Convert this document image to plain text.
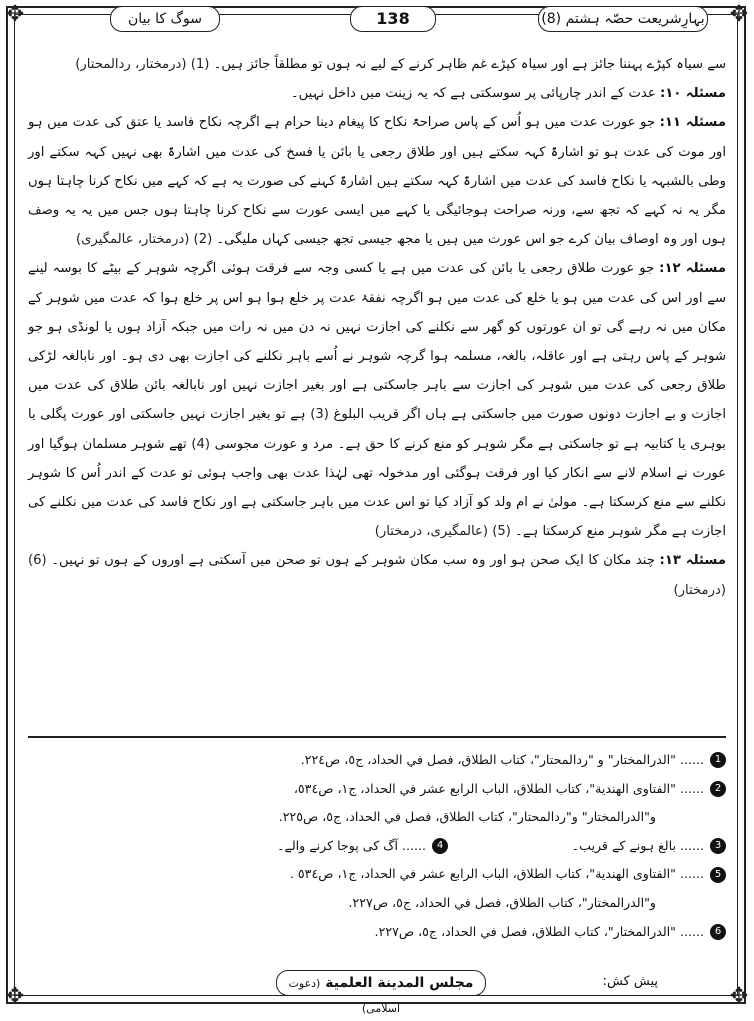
✥	✥
✥	✥
سوگ کا بیان	138	بہارِشریعت حصّہ ہشتم (8)

سے سیاہ کپڑے پہننا جائز ہے اور سیاہ کپڑے غم ظاہر کرنے کے لیے نہ ہوں تو مطلقاً جائز ہیں۔ (1) (درمختار، ردالمحتار)

مسئلہ ۱۰: عدت کے اندر چارپائی پر سوسکتی ہے کہ یہ زینت میں داخل نہیں۔

مسئلہ ۱۱: جو عورت عدت میں ہو اُس کے پاس صراحۃً نکاح کا پیغام دینا حرام ہے اگرچہ نکاح فاسد یا عتق کی عدت میں ہو اور موت کی عدت ہو تو اشارۃً کہہ سکتے ہیں اور طلاق رجعی یا بائن یا فسخ کی عدت میں اشارۃً بھی نہیں کہہ سکتے اور وطی بالشبہہ یا نکاح فاسد کی عدت میں اشارۃً کہہ سکتے ہیں اشارۃً کہنے کی صورت یہ ہے کہ کہے میں نکاح کرنا چاہتا ہوں مگر یہ نہ کہے کہ تجھ سے، ورنہ صراحت ہوجائیگی یا کہے میں ایسی عورت سے نکاح کرنا چاہتا ہوں جس میں یہ یہ وصف ہوں اور وہ اوصاف بیان کرے جو اس عورت میں ہیں یا مجھ جیسی تجھ جیسی کہاں ملیگی۔ (2) (درمختار، عالمگیری)

مسئلہ ۱۲: جو عورت طلاق رجعی یا بائن کی عدت میں ہے یا کسی وجہ سے فرقت ہوئی اگرچہ شوہر کے بیٹے کا بوسہ لینے سے اور اس کی عدت میں ہو یا خلع کی عدت میں ہو اگرچہ نفقۂ عدت پر خلع ہوا ہو اس پر خلع ہوا کہ عدت میں شوہر کے مکان میں نہ رہے گی تو ان عورتوں کو گھر سے نکلنے کی اجازت نہیں نہ دن میں نہ رات میں جبکہ آزاد ہوں یا لونڈی ہو جو شوہر کے پاس رہتی ہے اور عاقلہ، بالغہ، مسلمہ ہوا گرچہ شوہر نے اُسے باہر نکلنے کی اجازت بھی دی ہو۔ اور نابالغہ لڑکی طلاق رجعی کی عدت میں شوہر کی اجازت سے باہر جاسکتی ہے اور بغیر اجازت نہیں اور نابالغہ بائن طلاق کی عدت میں اجازت و بے اجازت دونوں صورت میں جاسکتی ہے ہاں اگر قریب البلوغ (3) ہے تو بغیر اجازت نہیں جاسکتی اور عورت پگلی یا بوہری یا کتابیہ ہے تو جاسکتی ہے مگر شوہر کو منع کرنے کا حق ہے۔ مرد و عورت مجوسی (4) تھے شوہر مسلمان ہوگیا اور عورت نے اسلام لانے سے انکار کیا اور فرقت ہوگئی اور مدخولہ تھی لہٰذا عدت بھی واجب ہوئی تو عدت کے اندر اُس کا شوہر نکلنے سے منع کرسکتا ہے۔ مولیٰ نے ام ولد کو آزاد کیا تو اس عدت میں باہر جاسکتی ہے اور نکاح فاسد کی عدت میں نکلنے کی اجازت ہے مگر شوہر منع کرسکتا ہے۔ (5) (عالمگیری، درمختار)

مسئلہ ۱۳: چند مکان کا ایک صحن ہو اور وہ سب مکان شوہر کے ہوں تو صحن میں آسکتی ہے اوروں کے ہوں تو نہیں۔ (6) (درمختار)

1
...... "الدرالمختار" و "ردالمحتار"، كتاب الطلاق، فصل في الحداد، ج٥، ص٢٢٤.
2
...... "الفتاوى الهندية"، كتاب الطلاق، الباب الرابع عشر في الحداد، ج١، ص٥٣٤،
و"الدرالمختار" و"ردالمحتار"، كتاب الطلاق، فصل في الحداد، ج٥، ص٢٢٥.
3
...... بالغ ہونے کے قریب۔
4
...... آگ کی پوجا کرنے والے۔
5
...... "الفتاوى الهندية"، كتاب الطلاق، الباب الرابع عشر في الحداد، ج١، ص٥٣٤ .
و"الدرالمختار"، كتاب الطلاق، فصل في الحداد، ج٥، ص٢٢٧.
6
...... "الدرالمختار"، كتاب الطلاق، فصل في الحداد، ج٥، ص٢٢٧.
پیش کش:
مجلس المدينة العلمية (دعوت اسلامی)
